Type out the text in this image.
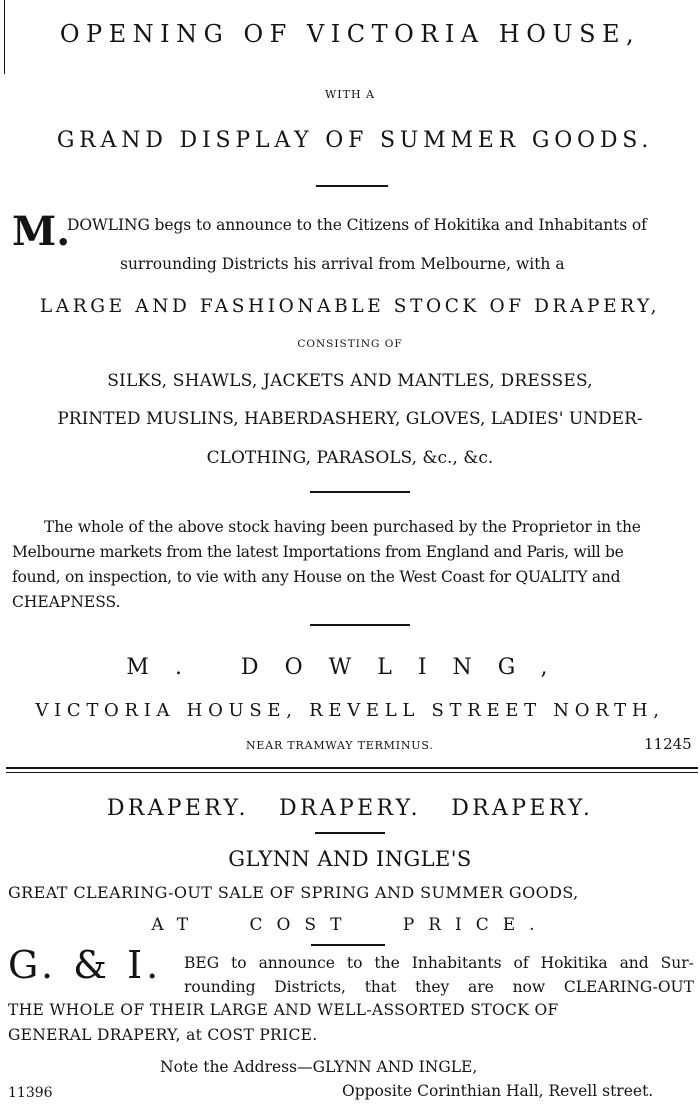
OPENING OF VICTORIA HOUSE,
WITH A
GRAND DISPLAY OF SUMMER GOODS.
M.
DOWLING begs to announce to the Citizens of Hokitika and Inhabitants of
surrounding Districts his arrival from Melbourne, with a
LARGE AND FASHIONABLE STOCK OF DRAPERY,
CONSISTING OF
SILKS, SHAWLS, JACKETS AND MANTLES, DRESSES,
PRINTED MUSLINS, HABERDASHERY, GLOVES, LADIES' UNDER-
CLOTHING, PARASOLS, &c., &c.
The whole of the above stock having been purchased by the Proprietor in the
Melbourne markets from the latest Importations from England and Paris, will be
found, on inspection, to vie with any House on the West Coast for QUALITY and
CHEAPNESS.
M. DOWLING,
VICTORIA HOUSE, REVELL STREET NORTH,
NEAR TRAMWAY TERMINUS.	11245
DRAPERY. DRAPERY. DRAPERY.
GLYNN AND INGLE'S
GREAT CLEARING-OUT SALE OF SPRING AND SUMMER GOODS,
AT COST PRICE.
G. & I. BEG to announce to the Inhabitants of Hokitika and Sur-
rounding Districts, that they are now CLEARING-OUT
THE WHOLE OF THEIR LARGE AND WELL-ASSORTED STOCK OF
GENERAL DRAPERY, at COST PRICE.
Note the Address—GLYNN AND INGLE,
11396	Opposite Corinthian Hall, Revell street.
